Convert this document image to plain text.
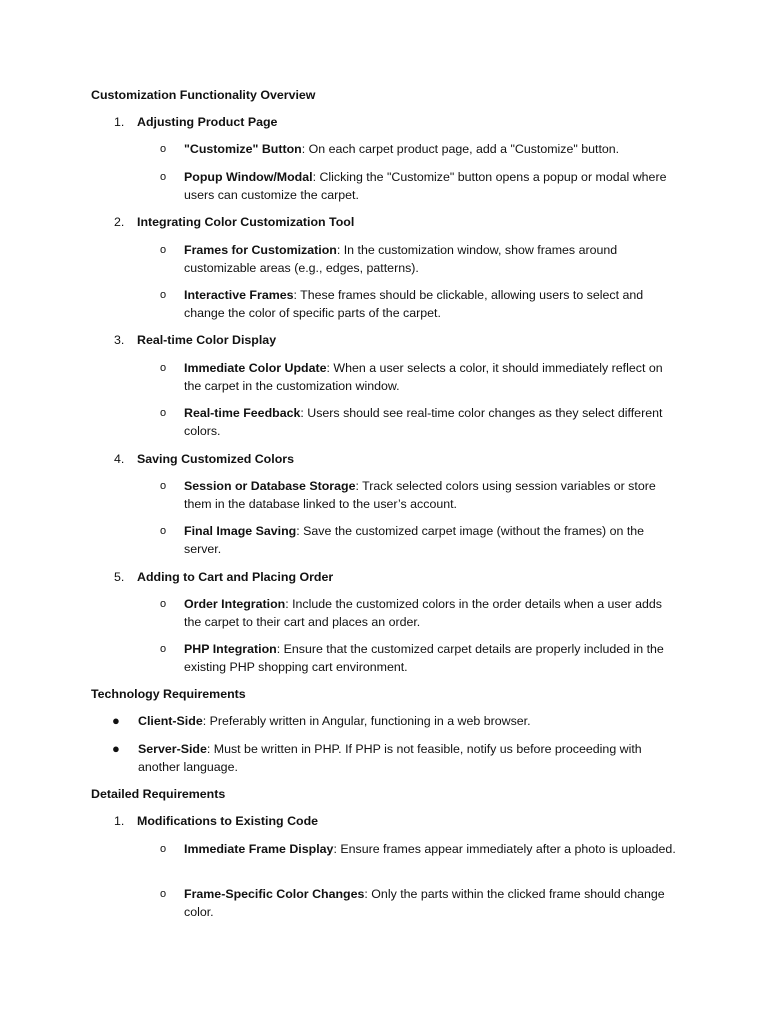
Customization Functionality Overview
1.	Adjusting Product Page
o "Customize" Button: On each carpet product page, add a "Customize" button.
o Popup Window/Modal: Clicking the "Customize" button opens a popup or modal where users can customize the carpet.
2.	Integrating Color Customization Tool
o Frames for Customization: In the customization window, show frames around customizable areas (e.g., edges, patterns).
o Interactive Frames: These frames should be clickable, allowing users to select and change the color of specific parts of the carpet.
3.	Real-time Color Display
o Immediate Color Update: When a user selects a color, it should immediately reflect on the carpet in the customization window.
o Real-time Feedback: Users should see real-time color changes as they select different colors.
4.	Saving Customized Colors
o Session or Database Storage: Track selected colors using session variables or store them in the database linked to the user’s account.
o Final Image Saving: Save the customized carpet image (without the frames) on the server.
5.	Adding to Cart and Placing Order
o Order Integration: Include the customized colors in the order details when a user adds the carpet to their cart and places an order.
o PHP Integration: Ensure that the customized carpet details are properly included in the existing PHP shopping cart environment.
Technology Requirements
● Client-Side: Preferably written in Angular, functioning in a web browser.
● Server-Side: Must be written in PHP. If PHP is not feasible, notify us before proceeding with another language.
Detailed Requirements
1.	Modifications to Existing Code
o Immediate Frame Display: Ensure frames appear immediately after a photo is uploaded.
o Frame-Specific Color Changes: Only the parts within the clicked frame should change color.
